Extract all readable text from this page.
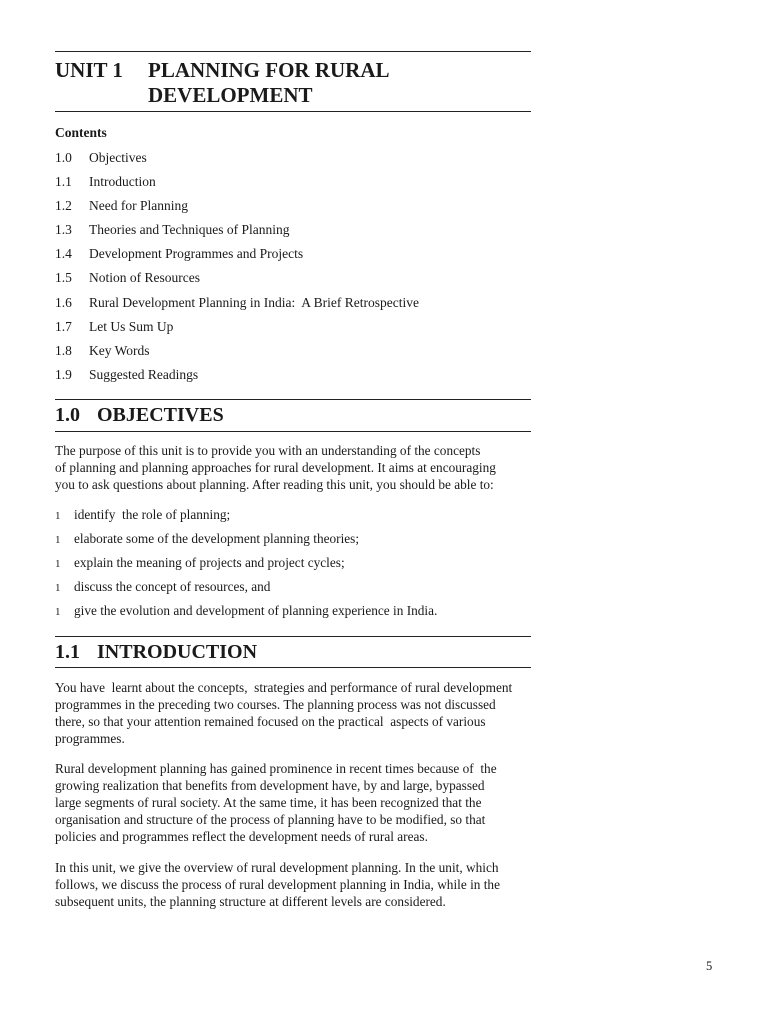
UNIT 1 PLANNING FOR RURAL
DEVELOPMENT
Contents
1.0 Objectives
1.1 Introduction
1.2 Need for Planning
1.3 Theories and Techniques of Planning
1.4 Development Programmes and Projects
1.5 Notion of Resources
1.6 Rural Development Planning in India:  A Brief Retrospective
1.7 Let Us Sum Up
1.8 Key Words
1.9 Suggested Readings
1.0 OBJECTIVES
The purpose of this unit is to provide you with an understanding of the concepts
of planning and planning approaches for rural development. It aims at encouraging
you to ask questions about planning. After reading this unit, you should be able to:
1 identify  the role of planning;
1 elaborate some of the development planning theories;
1 explain the meaning of projects and project cycles;
1 discuss the concept of resources, and
1 give the evolution and development of planning experience in India.
1.1 INTRODUCTION
You have  learnt about the concepts,  strategies and performance of rural development
programmes in the preceding two courses. The planning process was not discussed
there, so that your attention remained focused on the practical  aspects of various
programmes.
Rural development planning has gained prominence in recent times because of  the
growing realization that benefits from development have, by and large, bypassed
large segments of rural society. At the same time, it has been recognized that the
organisation and structure of the process of planning have to be modified, so that
policies and programmes reflect the development needs of rural areas.
In this unit, we give the overview of rural development planning. In the unit, which
follows, we discuss the process of rural development planning in India, while in the
subsequent units, the planning structure at different levels are considered.
5
